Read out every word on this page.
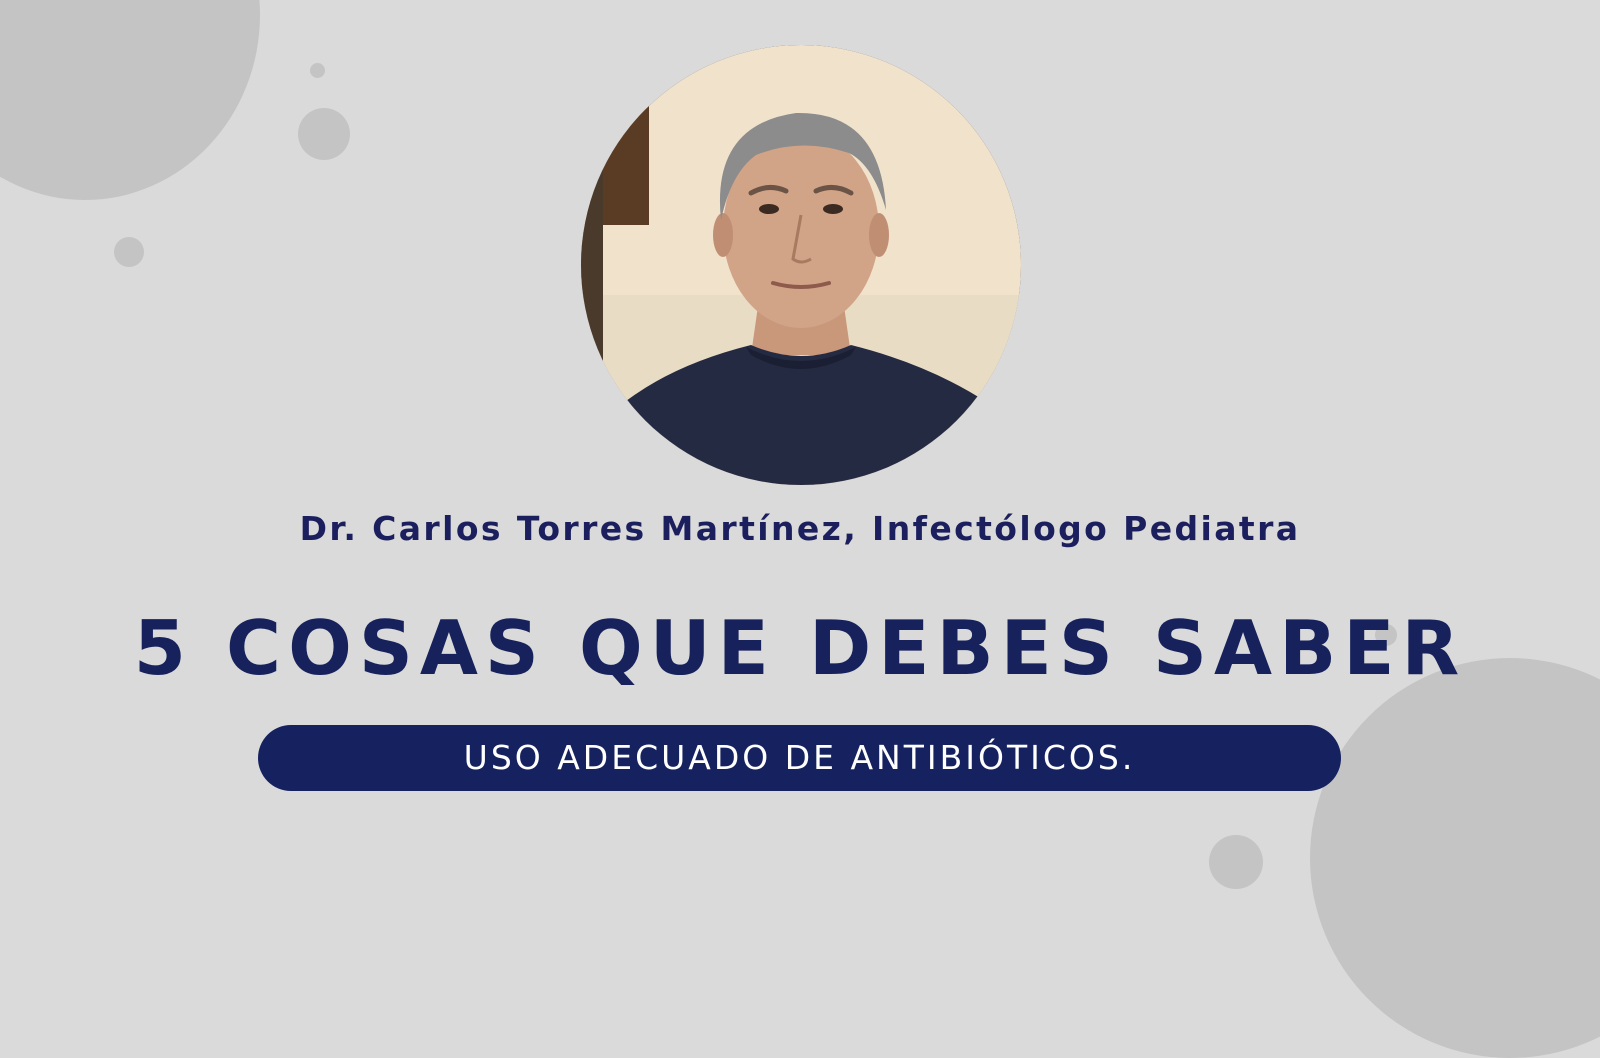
Dr. Carlos Torres Martínez, Infectólogo Pediatra
5 COSAS QUE DEBES SABER
USO ADECUADO DE ANTIBIÓTICOS.
